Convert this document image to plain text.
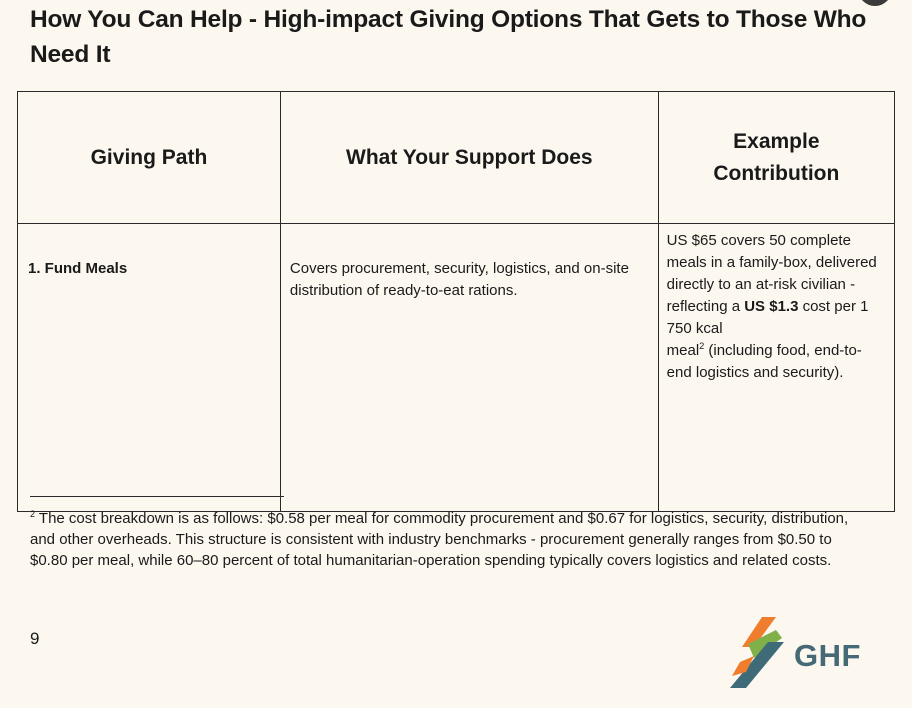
How You Can Help - High-impact Giving Options That Gets to Those Who Need It
Giving Path	What Your Support Does	Example Contribution
1. Fund Meals	Covers procurement, security, logistics, and on-site distribution of ready-to-eat rations.	US $65 covers 50 complete meals in a family-box, delivered directly to an at-risk civilian - reflecting a US $1.3 cost per 1 750 kcal
meal$^2$ (including food, end-to-end logistics and security).

$^2$ The cost breakdown is as follows: $0.58 per meal for commodity procurement and $0.67 for logistics, security, distribution, and other overheads. This structure is consistent with industry benchmarks - procurement generally ranges from $0.50 to $0.80 per meal, while 60–80 percent of total humanitarian-operation spending typically covers logistics and related costs.

9	GHF
